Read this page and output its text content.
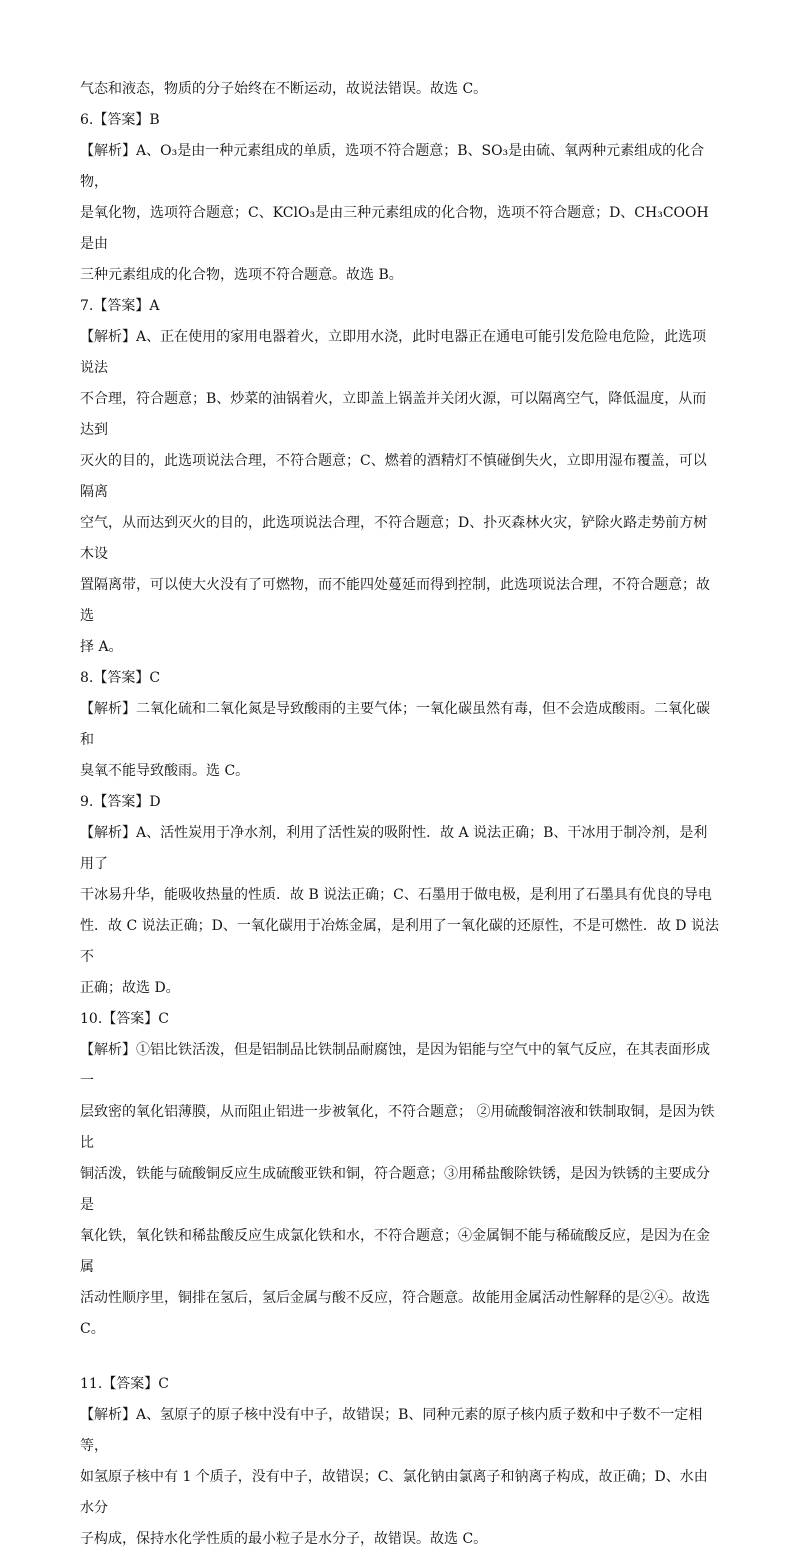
气态和液态，物质的分子始终在不断运动，故说法错误。故选 C。

6.【答案】B

【解析】A、O₃是由一种元素组成的单质，选项不符合题意；B、SO₃是由硫、氧两种元素组成的化合物，

是氧化物，选项符合题意；C、KClO₃是由三种元素组成的化合物，选项不符合题意；D、CH₃COOH 是由

三种元素组成的化合物，选项不符合题意。故选 B。

7.【答案】A

【解析】A、正在使用的家用电器着火，立即用水浇，此时电器正在通电可能引发危险电危险，此选项说法

不合理，符合题意；B、炒菜的油锅着火，立即盖上锅盖并关闭火源，可以隔离空气，降低温度，从而达到

灭火的目的，此选项说法合理，不符合题意；C、燃着的酒精灯不慎碰倒失火，立即用湿布覆盖，可以隔离

空气，从而达到灭火的目的，此选项说法合理，不符合题意；D、扑灭森林火灾，铲除火路走势前方树木设

置隔离带，可以使大火没有了可燃物，而不能四处蔓延而得到控制，此选项说法合理，不符合题意；故选

择 A。

8.【答案】C

【解析】二氧化硫和二氧化氮是导致酸雨的主要气体；一氧化碳虽然有毒，但不会造成酸雨。二氧化碳和

臭氧不能导致酸雨。选 C。

9.【答案】D

【解析】A、活性炭用于净水剂，利用了活性炭的吸附性．故 A 说法正确；B、干冰用于制冷剂，是利用了

干冰易升华，能吸收热量的性质．故 B 说法正确；C、石墨用于做电极，是利用了石墨具有优良的导电

性．故 C 说法正确；D、一氧化碳用于冶炼金属，是利用了一氧化碳的还原性，不是可燃性．故 D 说法不

正确；故选 D。

10.【答案】C

【解析】①铝比铁活泼，但是铝制品比铁制品耐腐蚀，是因为铝能与空气中的氧气反应，在其表面形成一

层致密的氧化铝薄膜，从而阻止铝进一步被氧化，不符合题意； ②用硫酸铜溶液和铁制取铜，是因为铁比

铜活泼，铁能与硫酸铜反应生成硫酸亚铁和铜，符合题意；③用稀盐酸除铁锈，是因为铁锈的主要成分是

氧化铁，氧化铁和稀盐酸反应生成氯化铁和水，不符合题意；④金属铜不能与稀硫酸反应，是因为在金属

活动性顺序里，铜排在氢后，氢后金属与酸不反应，符合题意。故能用金属活动性解释的是②④。故选 C。

11.【答案】C

【解析】A、氢原子的原子核中没有中子，故错误；B、同种元素的原子核内质子数和中子数不一定相等，

如氢原子核中有 1 个质子，没有中子，故错误；C、氯化钠由氯离子和钠离子构成，故正确；D、水由水分

子构成，保持水化学性质的最小粒子是水分子，故错误。故选 C。
